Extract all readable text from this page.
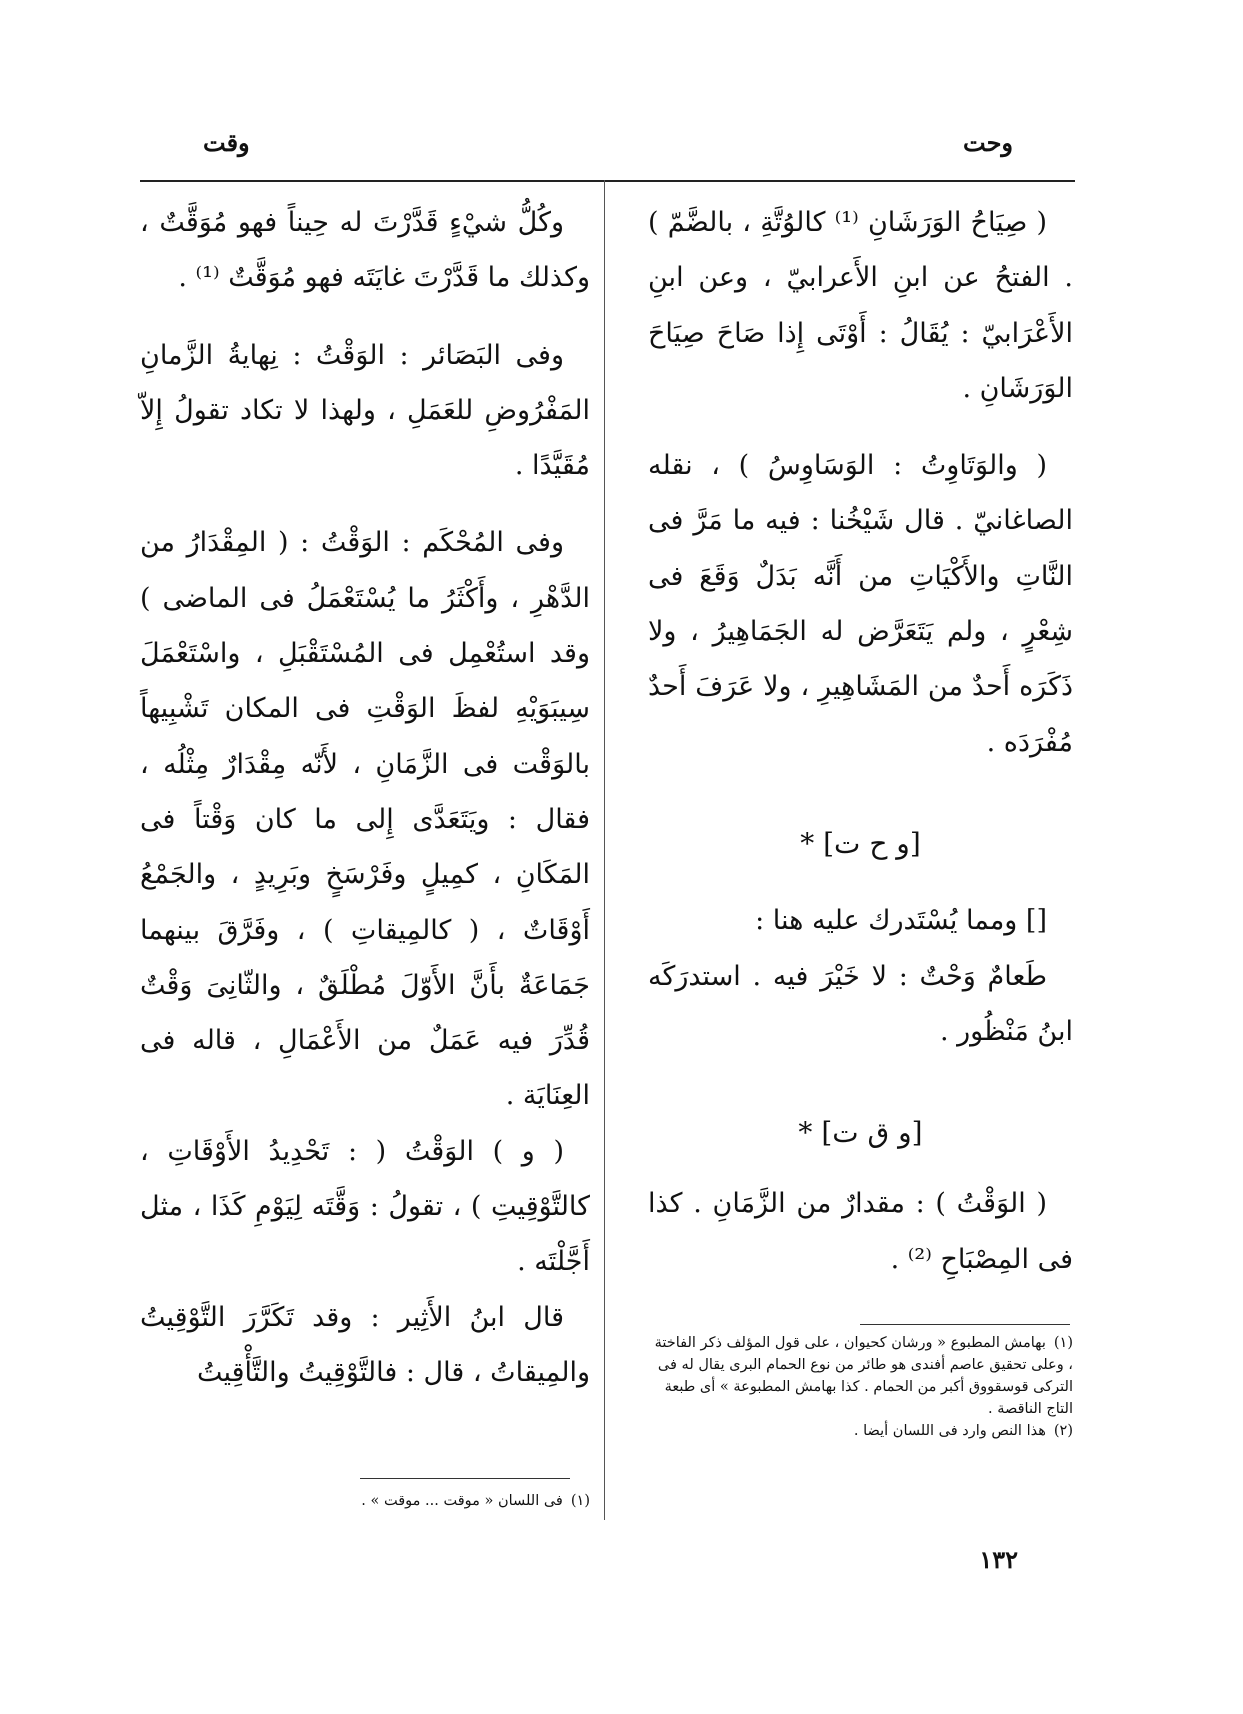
وحت
وقت

( صِيَاحُ الوَرَشَانِ ⁽¹⁾ كالوُتَّةِ ، بالضَّمّ ) . الفتحُ عن ابنِ الأَعرابيّ ، وعن ابنِ الأَعْرَابيّ : يُقَالُ : أَوْتَى إِذا صَاحَ صِيَاحَ الوَرَشَانِ .

( والوَتَاوِتُ : الوَسَاوِسُ ) ، نقله الصاغانيّ . قال شَيْخُنا : فيه ما مَرَّ فى النَّاتِ والأَكْيَاتِ من أَنَّه بَدَلٌ وَقَعَ فى شِعْرٍ ، ولم يَتَعَرَّض له الجَمَاهِيرُ ، ولا ذَكَرَه أَحدٌ من المَشَاهِيرِ ، ولا عَرَفَ أَحدٌ مُفْرَدَه .

[و ح ت] *

[] ومما يُسْتَدرك عليه هنا :

طَعامٌ وَحْتٌ : لا خَيْرَ فيه . استدرَكَه ابنُ مَنْظُور .

[و ق ت] *

( الوَقْتُ ) : مقدارٌ من الزَّمَانِ . كذا فى المِصْبَاحِ ⁽²⁾ .

وكُلُّ شيْءٍ قَدَّرْتَ له حِيناً فهو مُوَقَّتٌ ، وكذلك ما قَدَّرْتَ غايَتَه فهو مُوَقَّتٌ ⁽¹⁾ .

وفى البَصَائر : الوَقْتُ : نِهايةُ الزَّمانِ المَفْرُوضِ للعَمَلِ ، ولهذا لا تكاد تقولُ إِلاّ مُقَيَّدًا .

وفى المُحْكَم : الوَقْتُ : ( المِقْدَارُ من الدَّهْرِ ، وأَكْثَرُ ما يُسْتَعْمَلُ فى الماضى ) وقد استُعْمِل فى المُسْتَقْبَلِ ، واسْتَعْمَلَ سِيبَوَيْهِ لفظَ الوَقْتِ فى المكان تَشْبِيهاً بالوَقْت فى الزَّمَانِ ، لأَنّه مِقْدَارٌ مِثْلُه ، فقال : ويَتَعَدَّى إِلى ما كان وَقْتاً فى المَكَانِ ، كمِيلٍ وفَرْسَخٍ وبَرِيدٍ ، والجَمْعُ أَوْقَاتٌ ، ( كالمِيقاتِ ) ، وفَرَّقَ بينهما جَمَاعَةٌ بأَنَّ الأَوّلَ مُطْلَقٌ ، والثّانِىَ وَقْتٌ قُدِّرَ فيه عَمَلٌ من الأَعْمَالِ ، قاله فى العِنَايَة .

( و ) الوَقْتُ ( : تَحْدِيدُ الأَوْقَاتِ ، كالتَّوْقِيتِ ) ، تقولُ : وَقَّتَه لِيَوْمِ كَذَا ، مثل أَجَّلْتَه .

قال ابنُ الأَثِير : وقد تَكَرَّرَ التَّوْقِيتُ والمِيقاتُ ، قال : فالتَّوْقِيتُ والتَّأْقِيتُ

(١)بهامش المطبوع « ورشان كحيوان ، على قول المؤلف ذكر الفاختة ، وعلى تحقيق عاصم أفندى هو طائر من نوع الحمام البرى يقال له فى التركى قوسقووق أكبر من الحمام . كذا بهامش المطبوعة » أى طبعة التاج الناقصة .

(٢)هذا النص وارد فى اللسان أيضا .

(١)فى اللسان « موقت ... موقت » .

١٣٢
